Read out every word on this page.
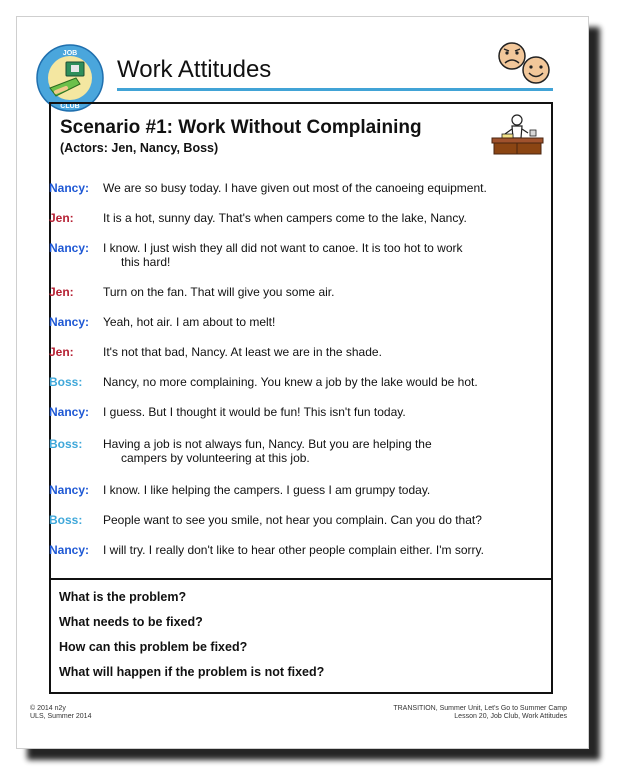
JOB
CLUB
Work Attitudes
Scenario #1: Work Without Complaining
(Actors: Jen, Nancy, Boss)
Nancy: We are so busy today. I have given out most of the canoeing equipment.
Jen: It is a hot, sunny day. That's when campers come to the lake, Nancy.
Nancy: I know. I just wish they all did not want to canoe. It is too hot to work
this hard!
Jen: Turn on the fan. That will give you some air.
Nancy: Yeah, hot air. I am about to melt!
Jen: It's not that bad, Nancy. At least we are in the shade.
Boss: Nancy, no more complaining. You knew a job by the lake would be hot.
Nancy: I guess. But I thought it would be fun! This isn't fun today.
Boss: Having a job is not always fun, Nancy. But you are helping the
campers by volunteering at this job.
Nancy: I know. I like helping the campers. I guess I am grumpy today.
Boss: People want to see you smile, not hear you complain. Can you do that?
Nancy: I will try. I really don't like to hear other people complain either. I'm sorry.
What is the problem?
What needs to be fixed?
How can this problem be fixed?
What will happen if the problem is not fixed?
© 2014 n2y
ULS, Summer 2014
TRANSITION, Summer Unit, Let's Go to Summer Camp
Lesson 20, Job Club, Work Attitudes
